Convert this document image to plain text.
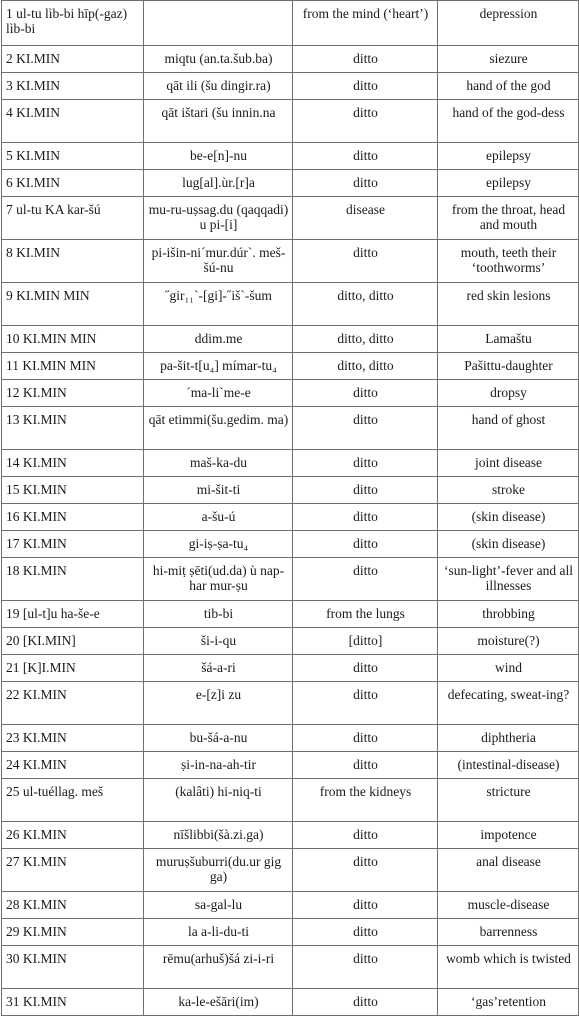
1 ul-tu lìb-bi hīp(-gaz) lìb-bi		from the mind (‘heart’)	depression
2 KI.MIN	miqtu (an.ta.šub.ba)	ditto	siezure
3 KI.MIN	qāt ili (šu dingir.ra)	ditto	hand of the god
4 KI.MIN	qāt ištari (šu innin.na	ditto	hand of the god-dess
5 KI.MIN	be-e[n]-nu	ditto	epilepsy
6 KI.MIN	lug[al].ùr.[r]a	ditto	epilepsy
7 ul-tu KA kar-šú	mu-ru-uṣsag.du (qaqqadi) u pi-[i]	disease	from the throat, head and mouth
8 KI.MIN	pi-išin-ni´mur.dúr`. meš-šú-nu	ditto	mouth, teeth their ‘toothworms’
9 KI.MIN MIN	˝gir₁₁`-[gi]-˝iš`-šum	ditto, ditto	red skin lesions
10 KI.MIN MIN	ddim.me	ditto, ditto	Lamaštu
11 KI.MIN MIN	pa-šit-t[u₄] mímar-tu₄	ditto, ditto	Pašittu-daughter
12 KI.MIN	´ma-li`me-e	ditto	dropsy
13 KI.MIN	qāt etimmi(šu.gedim. ma)	ditto	hand of ghost
14 KI.MIN	maš-ka-du	ditto	joint disease
15 KI.MIN	mi-šit-ti	ditto	stroke
16 KI.MIN	a-šu-ú	ditto	(skin disease)
17 KI.MIN	gi-iṣ-ṣa-tu₄	ditto	(skin disease)
18 KI.MIN	hi-miṭ ṣēti(ud.da) ù nap-har mur-ṣu	ditto	‘sun-light’-fever and all illnesses
19 [ul-t]u ha-še-e	tib-bi	from the lungs	throbbing
20 [KI.MIN]	ši-i-qu	[ditto]	moisture(?)
21 [K]I.MIN	šá-a-ri	ditto	wind
22 KI.MIN	e-[z]i zu	ditto	defecating, sweat-ing?
23 KI.MIN	bu-šá-a-nu	ditto	diphtheria
24 KI.MIN	ṣi-in-na-ah-tir	ditto	(intestinal-disease)
25 ul-tuéllag. meš	(kalâti) hi-niq-ti	from the kidneys	stricture
26 KI.MIN	nīšlibbi(šà.zi.ga)	ditto	impotence
27 KI.MIN	muruṣšuburri(du.ur gig ga)	ditto	anal disease
28 KI.MIN	sa-gal-lu	ditto	muscle-disease
29 KI.MIN	la a-li-du-ti	ditto	barrenness
30 KI.MIN	rēmu(arhuš)šá zi-i-ri	ditto	womb which is twisted
31 KI.MIN	ka-le-ešāri(im)	ditto	‘gas’retention
